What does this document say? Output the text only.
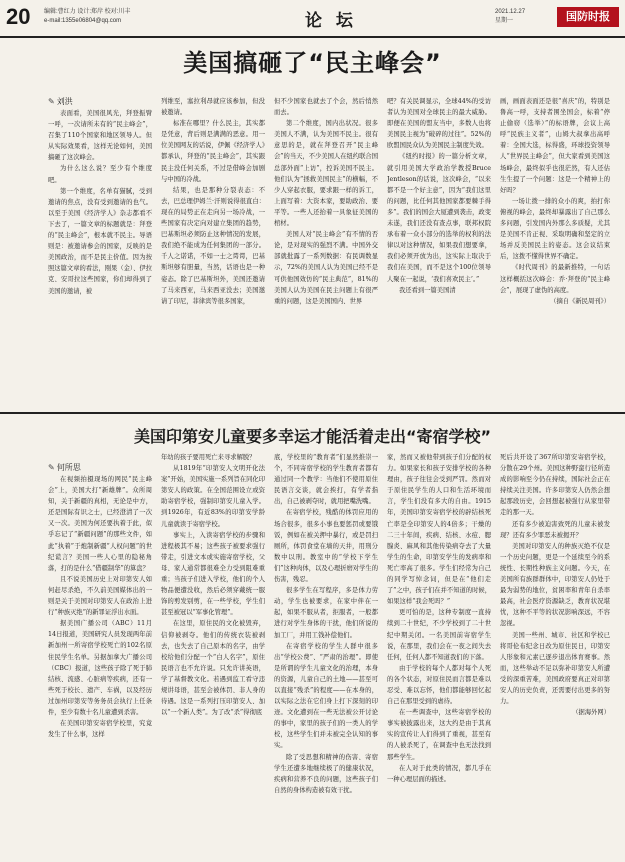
20 编辑:曹红力 设计:郑岸 校对:川丰
e-mail:1355e06804@qq.com	论 坛	2021.12.27
星期一	国防时报
美国搞砸了“民主峰会”
✎ 刘洪

表面看，美国很风光，拜登振臂一呼，一次请所未有的“民主峰会”，召集了110个国家和地区领导人。但从实际效果看，这样无论如何，美国搞砸了这次峰会。

为什么这么说？至少有个维度吧。

第一个维度，名单有猫腻，受到邀请的焦点，没有受到邀请的也气。以至于美国《经济学人》杂志都看不下去了，一篇文章的标题就是：拜登的“民主峰会”，根本就不民主。导语则是：被邀请参会的国家，反映的是美国政治，而不是民主价值。因为按照这篇文章的看法，刚果（金）、伊拉克、安哥拉这些国家，你们却得到了美国的邀请，被

列维至，塞拉利昂就应该参加，但没被邀请。

标准在哪里？什么民主，其实都是凭意，背后则是满满的恶意。用一位美国网友的话说，伊佩《经济学人》都承认，拜登的“民主峰会”，其实跟民主没任何关系，不过是借峰会加剧与中国的冷战。

结果，也是那种分裂表态：不去，巴总理伊姆兰·汗则说得很直白：现在的局势正在走向另一场冷战，一些国家有决定向对建立集团的趋势，巴基斯坦必须防止这种情况的发展，我们绝不能成为任何集团的一部分。千人之诺诺，不如一士之谔谔，巴基斯坦够有胆量，当然，话语也是一种姿态。除了巴基斯坦外，美国还邀请了马来西亚，马来西亚没去；美国邀请了印尼，菲律宾等很多国家，

但不少国家也就去了个会，然后悄然而去。

第二个维度，国内出状况。很多美国人不满，认为美国不民主。很有意思的是，就在拜登召开“民主峰会”的当天，不少美国人在纽约联合国总部外面“上访”，控诉美国不民主。他们认为“拯救美国民主”的横幅，不少人穿起衣服，要求跟一样的诉工，上面写着：大资本家，要助政治、要平等。一些人还抬着一具象征美国的棺材。

美国人对“民主峰会”有不情的否论，是对现实的强烈不满。中国外交部就批露了一系列数据：有民调数显示，72%的美国人认为美国已经不是可供他国效仿的“民主典范”，81%的美国人认为美国在民主问题上有很严重的问题，这是美国国内、世界

吧？有关民调显示，全球44%的受访者认为美国对全球民主的最大威胁。即便在美国的盟友当中，多数人也将美国民主视为“破碎的过往”。52%的欧盟国民众认为美国民主制度失效。

《纽约时报》的一篇分析文章，就引用美国大学政治学教授Bruce Jentleson的话说，这次峰会，“以来都不是一个好主意”，因为“我们这里的问题，比任何其他国家都要棘手得多”。我们的国会大厦遭到袭击，政变未遂，我们还没有查点事，联邦权院承布着一众小部分的选举的权利的法律以对这种情况，如果我们想要拿，我们必须开放为出，这实际上取决于我们在美国，而不是这个100位领导人聚在一起说，‘我们喜欢民主’。”

我还看到一篇美国清

画，画面表面还是很“喜庆”的，特别是鲁高一呼，支持者围坐国会，标着“停止偷窃（选举）”的标语牌，会议上高呼“民族主义者”，山姆大叔拿出高呼着：全国大选，标得盛，环球投资领导人“世界民主峰会”，但大家看到美国这场峰会，最终似乎也很茫然，有人还估生生提了一个问题：这是一个精神上的好吗？

一场让拨一排的众小的爽，拍打你俯视的峰会，最终却暴露出了自己那么多问题，引发国内外那么多质疑，尤其是美国不肯正视、采取明确和坚定的立场并反美国民主的姿态。这会议结束后，这拨不懂得世界不确定。

《时代周刊》的最新推特，一句话这样概括这次峰会：乔·拜登的“民主峰会”，展现了虚伪的高度。

（摘自《新民周刊》）

美国印第安儿童要多幸运才能活着走出“寄宿学校”
✎ 何所思

在视频拍摄现场的网民“民主峰会”上，美国大打“新雄牌”。众所周知，关于新疆的真相，无论是中方，还是国际有识之士，已经澄清了一次又一次。美国为何还要执着于此，似乎忘记了“新疆问题”的那些文件，如此“执着”于炮制新疆“人权问题”的世纪谎言？美国一些人心里的隐秘角落，打的是什么“借疆制华”的算盘？

且不说美国历史上对印第安人如何赶尽杀绝，不久前美国媒体出的一则是关于美国对印第安人在政治上进行“种族灭绝”的新罪证浮出水面。

据美国广播公司（ABC）11月14日报道，美国研究人员发现两年前新加州一所寄宿学校死亡的102名原住民学生名单。另据加拿大广播公司（CBC）报道，这些孩子除了死于肺结核、流感、心脏病等疾病，还有一些死于校长、遗产、车祸，以及经历过加州印第安等务务员会执行上任条件，至少有数十名儿童遭到杀害。

在美国印第安寄宿学校里，究竟发生了什么事，这样

年幼的孩子要用死亡来寻求解脱？

从1819年“印第安人文明开化法案”开始，美国实施一系列旨在同化印第安人的政策。在全国范围设立或资助寄宿学校，强制印第安儿童入学。到1926年，有近83%的印第安学龄儿童就读于寄宿学校。

事实上，入读寄宿学校的步骤和进程极其不易；这些孩子被要求强行带走，引进文本或实施寄宿学校，父母、家人通常都很难全力受到阻难重重；当孩子们进入学校，他们的个人物品便遭没收，然后必须穿戴统一服饰的剪发别剪，在一些学校，学生们甚至被冠以“军事化管理”。

在这里，原住民的文化被毁弃，信仰被剥夺。他们的传统衣装被剥去，也失去了自己原本的名字，由学校给他们分配一个“白人名字”，原住民语言也不允许说。只允许讲英语，学了基督教文化。若遇到监工看守违规讲母语，甚至会被体罚、非人身的待遇。这是一系列打压印第安人、加以“一个新人类”。为了改“杀”得彻底

底，学校里的“教育者”们显然推崇一个，不同寄宿学校的学生教育者都有通过同一个教学：当他们不使用原住民语言交谈，就会挨打，有学者指出，自己被剥夺时，就用把嘴洗嘴。

在寄宿学校，残酷的体罚应用的场合很多，很多小事也要惩罚或要饿饭，例如在被关押中暴行，或是罚扫厕所，体罚食堂在墙的天井，用刑分数中以刑。教室中的“学校下学生们”这种肉体，以及心理折磨对学生的伤害，残忍。

很多学生在写程序，多是体力劳动，学生也被要求，在家中伴在一起，如果不服从者，拒服者，一般都进行对学生身体的干扰，他们所说的加工厂，并用工钱补偿他们。

在寄宿学校的学生人群中很多出“学校公费”、“严肃的治理”。即使是所谓的学生儿童文化的治理，本身的资源，儿童自己的土地——甚至可以直接“残杀”的程度——在本身的，以实际之法在它们身上打下深刻的印迹。文化遭到在一些无法被公开讨论的事中，家里的孩子们的一类人的学校，这些学生们并未被完全认知的事实。

除了受思想和精神的伤害、寄宿学生还遭多地继续极了的健康状况，疾病和营养不良的问题，这些孩子们自然的身体构造被有效干扰。

家，然而又被他带到孩子们分配的权力。如果家长和孩子安排学校的各种理由，孩子往往会受到严罚。然而对于原住民学生的人口和生活环境而言，学生们没有多大的自由。1915年，美国印第安寄宿学校的辟结核死亡率是全印第安人的4倍多；干燥的二三十年间，疾病、结核、水痘、腮腺炎、麻风和其他传染病夺去了大量学生的生命，印第安学生的发病率和死亡率高了很多。学生们经常为自己的同学写悼念词，但是在“他们走了”之中，孩子们在并不知道的时候，如果这样“我会死吗？”

更可怕的是，这种专制度一直持续到二十世纪，不少学校到了二十世纪中期关闭。一名美国前寄宿学生说，在那里，我们会在一夜之间失去任何，任何人都不知道我们的下落。

由于学校的每个人都对每个人死的各个状态，对原住民而言都是难以忍受、难以忘怀，他们都能够回忆起自己在那里受到的虐待。

在一些调查中，这些寄宿学校的事实被披露出来，这大约是由于其真实的宣传让人们得到了重视，甚至有的人被杀死了，在调查中也无法找到那些学生。

在人对于此类的情况，都几乎在一种心理层面的描述。

死后共开设了367所印第安寄宿学校，分散在29个州。美国这种野蛮行径所造成的影响至今仍在持续，国际社会正在持续关注美国。许多印第安人仍然会想起那段历史，会回想起被强行从家里带走的那一天。

还有多少被迫害致死的儿童未被发现？还有多少罪恶未被揭开？

美国对印第安人的种族灭绝不仅是一个历史问题，更是一个延续至今的系统性、长期性种族主义问题。今天，在美国所有族群群体中，印第安人仍处于最为弱势的地位，贫困率和青年自杀率最高，社会医疗资源缺乏，教育状况堪忧，这种不平等的状况影响深远，不容忽视。

美国一些州、城市、社区和学校已将哥伦布纪念日改为原住民日，印第安人形象和元素已逐步退出体育赛事。然而，这些举动不足以弥补印第安人所遭受的深重苦难，美国政府要真正对印第安人的历史负责，还需要付出更多的努力。

（据海外网）
